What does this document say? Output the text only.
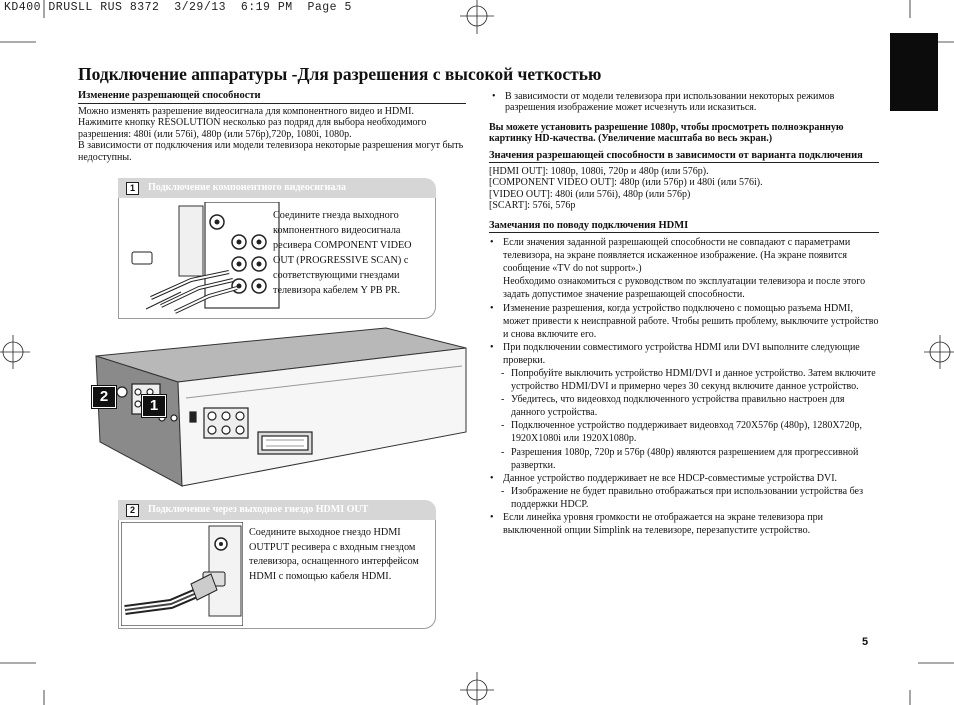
KD400 DRUSLL RUS 8372  3/29/13  6:19 PM  Page 5
Подключение аппаратуры -Для разрешения с высокой четкостью
Изменение разрешающей способности
Можно изменять разрешение видеосигнала для компонентного видео и HDMI.
Нажимите кнопку RESOLUTION несколько раз подряд для выбора необходимого разрешения: 480i (или 576i), 480p (или 576p),720p, 1080i, 1080p.
В зависимости от подключения или модели телевизора некоторые разрешения могут быть недоступны.
1	Подключение компонентного видеосигнала
Соедините гнезда выходного компонентного видеосигнала ресивера COMPONENT VIDEO OUT (PROGRESSIVE SCAN) с соответствующими гнездами телевизора кабелем Y PB PR.
2
1
2	Подключение через выходное гнездо HDMI OUT
Соедините выходное гнездо HDMI OUTPUT ресивера с входным гнездом телевизора, оснащенного интерфейсом HDMI с помощью кабеля HDMI.
• В зависимости от модели телевизора при использовании некоторых режимов разрешения изображение может исчезнуть или исказиться.
Вы можете установить разрешение 1080p, чтобы просмотреть полноэкранную картинку HD-качества. (Увеличение масштаба во весь экран.)
Значения разрешающей способности в зависимости от варианта подключения
[HDMI OUT]: 1080p, 1080i, 720p и 480p (или 576p).
[COMPONENT VIDEO OUT]: 480p (или 576p) и 480i (или 576i).
[VIDEO OUT]: 480i (или 576i), 480p (или 576p)
[SCART]: 576i, 576p
Замечания по поводу подключения HDMI
• Если значения заданной разрешающей способности не совпадают с параметрами телевизора, на экране появляется искаженное изображение. (На экране появится сообщение «TV do not support».)
Необходимо ознакомиться с руководством по эксплуатации телевизора и после этого задать допустимое значение разрешающей способности.
• Изменение разрешения, когда устройство подключено с помощью разъема HDMI, может привести к неисправной работе. Чтобы решить проблему, выключите устройство и снова включите его.
• При подключении совместимого устройства HDMI или DVI выполните следующие проверки.
- Попробуйте выключить устройство HDMI/DVI и данное устройство. Затем включите устройство HDMI/DVI и примерно через 30 секунд включите данное устройство.
- Убедитесь, что видеовход подключенного устройства правильно настроен для данного устройства.
- Подключенное устройство поддерживает видеовход 720X576p (480p), 1280X720p, 1920X1080i или 1920X1080p.
- Разрешения 1080p, 720p и 576p (480p) являются разрешением для прогрессивной развертки.
• Данное устройство поддерживает не все HDCP-совместимые устройства DVI.
- Изображение не будет правильно отображаться при использовании устройства без поддержки HDCP.
• Если линейка уровня громкости не отображается на экране телевизора при выключенной опции Simplink на телевизоре, перезапустите устройство.
5
